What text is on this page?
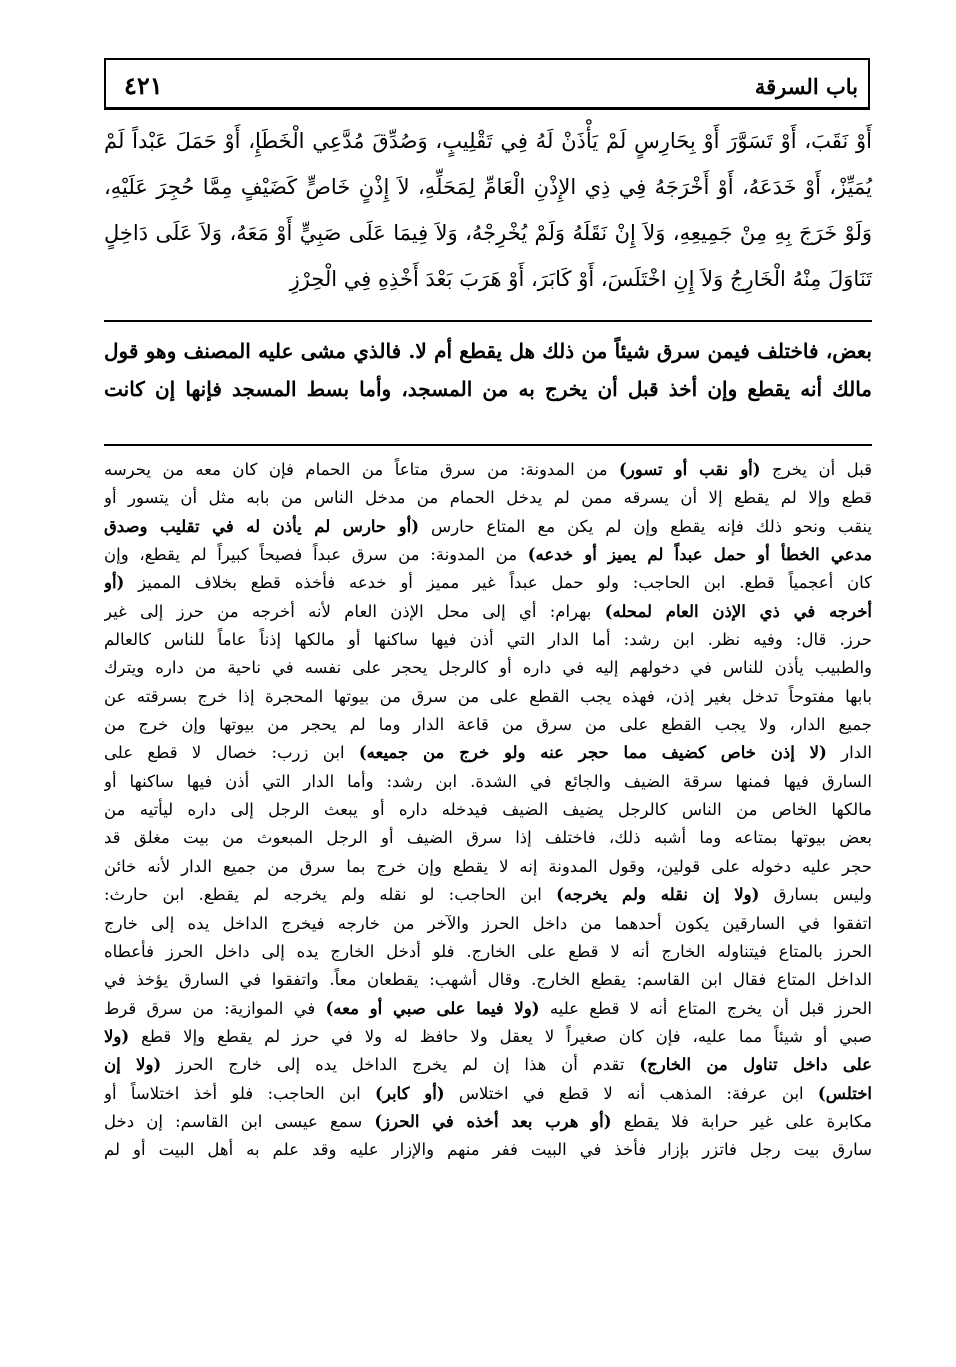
باب السرقة
٤٢١

أَوْ نَقَبَ، أَوْ تَسَوَّرَ أَوْ بِحَارِسٍ لَمْ يَأْذَنْ لَهُ فِي تَقْلِيبٍ، وَصُدِّقَ مُدَّعِي الْخَطَإِ، أَوْ حَمَلَ عَبْداً لَمْ

يُمَيِّزْ، أَوْ خَدَعَهُ، أَوْ أَخْرَجَهُ فِي ذِي الإِذْنِ الْعَامِّ لِمَحَلِّهِ، لاَ إِذْنٍ خَاصٍّ كَضَيْفٍ مِمَّا حُجِرَ عَلَيْهِ،

وَلَوْ خَرَجَ بِهِ مِنْ جَمِيعِهِ، وَلاَ إِنْ نَقَلَهُ وَلَمْ يُخْرِجْهُ، وَلاَ فِيمَا عَلَى صَبِيٍّ أَوْ مَعَهُ، وَلاَ عَلَى دَاخِلٍ

تَنَاوَلَ مِنْهُ الْخَارِجُ وَلاَ إِنِ اخْتَلَسَ، أَوْ كَابَرَ، أَوْ هَرَبَ بَعْدَ أَخْذِهِ فِي الْحِرْزِ

بعض، فاختلف فيمن سرق شيئاً من ذلك هل يقطع أم لا. فالذي مشى عليه المصنف وهو قول

مالك أنه يقطع وإن أخذ قبل أن يخرج به من المسجد، وأما بسط المسجد فإنها إن كانت

قبل أن يخرج (أو نقب أو تسور) من المدونة: من سرق متاعاً من الحمام فإن كان معه من يحرسه

قطع وإلا لم يقطع إلا أن يسرقه ممن لم يدخل الحمام من مدخل الناس من بابه مثل أن يتسور أو

ينقب ونحو ذلك فإنه يقطع وإن لم يكن مع المتاع حارس (أو حارس لم يأذن له في تقليب وصدق

مدعي الخطأ أو حمل عبداً لم يميز أو خدعه) من المدونة: من سرق عبداً فصيحاً كبيراً لم يقطع، وإن

كان أعجمياً قطع. ابن الحاجب: ولو حمل عبداً غير مميز أو خدعه فأخذه قطع بخلاف المميز (أو

أخرجه في ذي الإذن العام لمحله) بهرام: أي إلى محل الإذن العام لأنه أخرجه من حرز إلى غير

حرز. قال: وفيه نظر. ابن رشد: أما الدار التي أذن فيها ساكنها أو مالكها إذناً عاماً للناس كالعالم

والطبيب يأذن للناس في دخولهم إليه في داره أو كالرجل يحجر على نفسه في ناحية من داره ويترك

بابها مفتوحاً تدخل بغير إذن، فهذه يجب القطع على من سرق من بيوتها المحجرة إذا خرج بسرقته عن

جميع الدار، ولا يجب القطع على من سرق من قاعة الدار وما لم يحجر من بيوتها وإن خرج من

الدار (لا إذن خاص كضيف مما حجر عنه ولو خرج من جميعه) ابن زرب: خصال لا قطع على

السارق فيها فمنها سرقة الضيف والجائع في الشدة. ابن رشد: وأما الدار التي أذن فيها ساكنها أو

مالكها الخاص من الناس كالرجل يضيف الضيف فيدخله داره أو يبعث الرجل إلى داره ليأتيه من

بعض بيوتها بمتاعه وما أشبه ذلك، فاختلف إذا سرق الضيف أو الرجل المبعوث من بيت مغلق قد

حجر عليه دخوله على قولين، وقول المدونة إنه لا يقطع وإن خرج بما سرق من جميع الدار لأنه خائن

وليس بسارق (ولا إن نقله ولم يخرجه) ابن الحاجب: لو نقله ولم يخرجه لم يقطع. ابن حارث:

اتفقوا في السارقين يكون أحدهما من داخل الحرز والآخر من خارجه فيخرج الداخل يده إلى خارج

الحرز بالمتاع فيتناوله الخارج أنه لا قطع على الخارج. فلو أدخل الخارج يده إلى داخل الحرز فأعطاه

الداخل المتاع فقال ابن القاسم: يقطع الخارج. وقال أشهب: يقطعان معاً. واتفقوا في السارق يؤخذ في

الحرز قبل أن يخرج المتاع أنه لا قطع عليه (ولا فيما على صبي أو معه) في الموازية: من سرق قرط

صبي أو شيئاً مما عليه، فإن كان صغيراً لا يعقل ولا حافظ له ولا في حرز لم يقطع وإلا قطع (ولا

على داخل تناول من الخارج) تقدم أن هذا إن لم يخرج الداخل يده إلى خارج الحرز (ولا إن

اختلس) ابن عرفة: المذهب أنه لا قطع في اختلاس (أو كابر) ابن الحاجب: فلو أخذ اختلاساً أو

مكابرة على غير حرابة فلا يقطع (أو هرب بعد أخذه في الحرز) سمع عيسى ابن القاسم: إن دخل

سارق بيت رجل فاتزر بإزار فأخذ في البيت ففر منهم والإزار عليه وقد علم به أهل البيت أو لم
